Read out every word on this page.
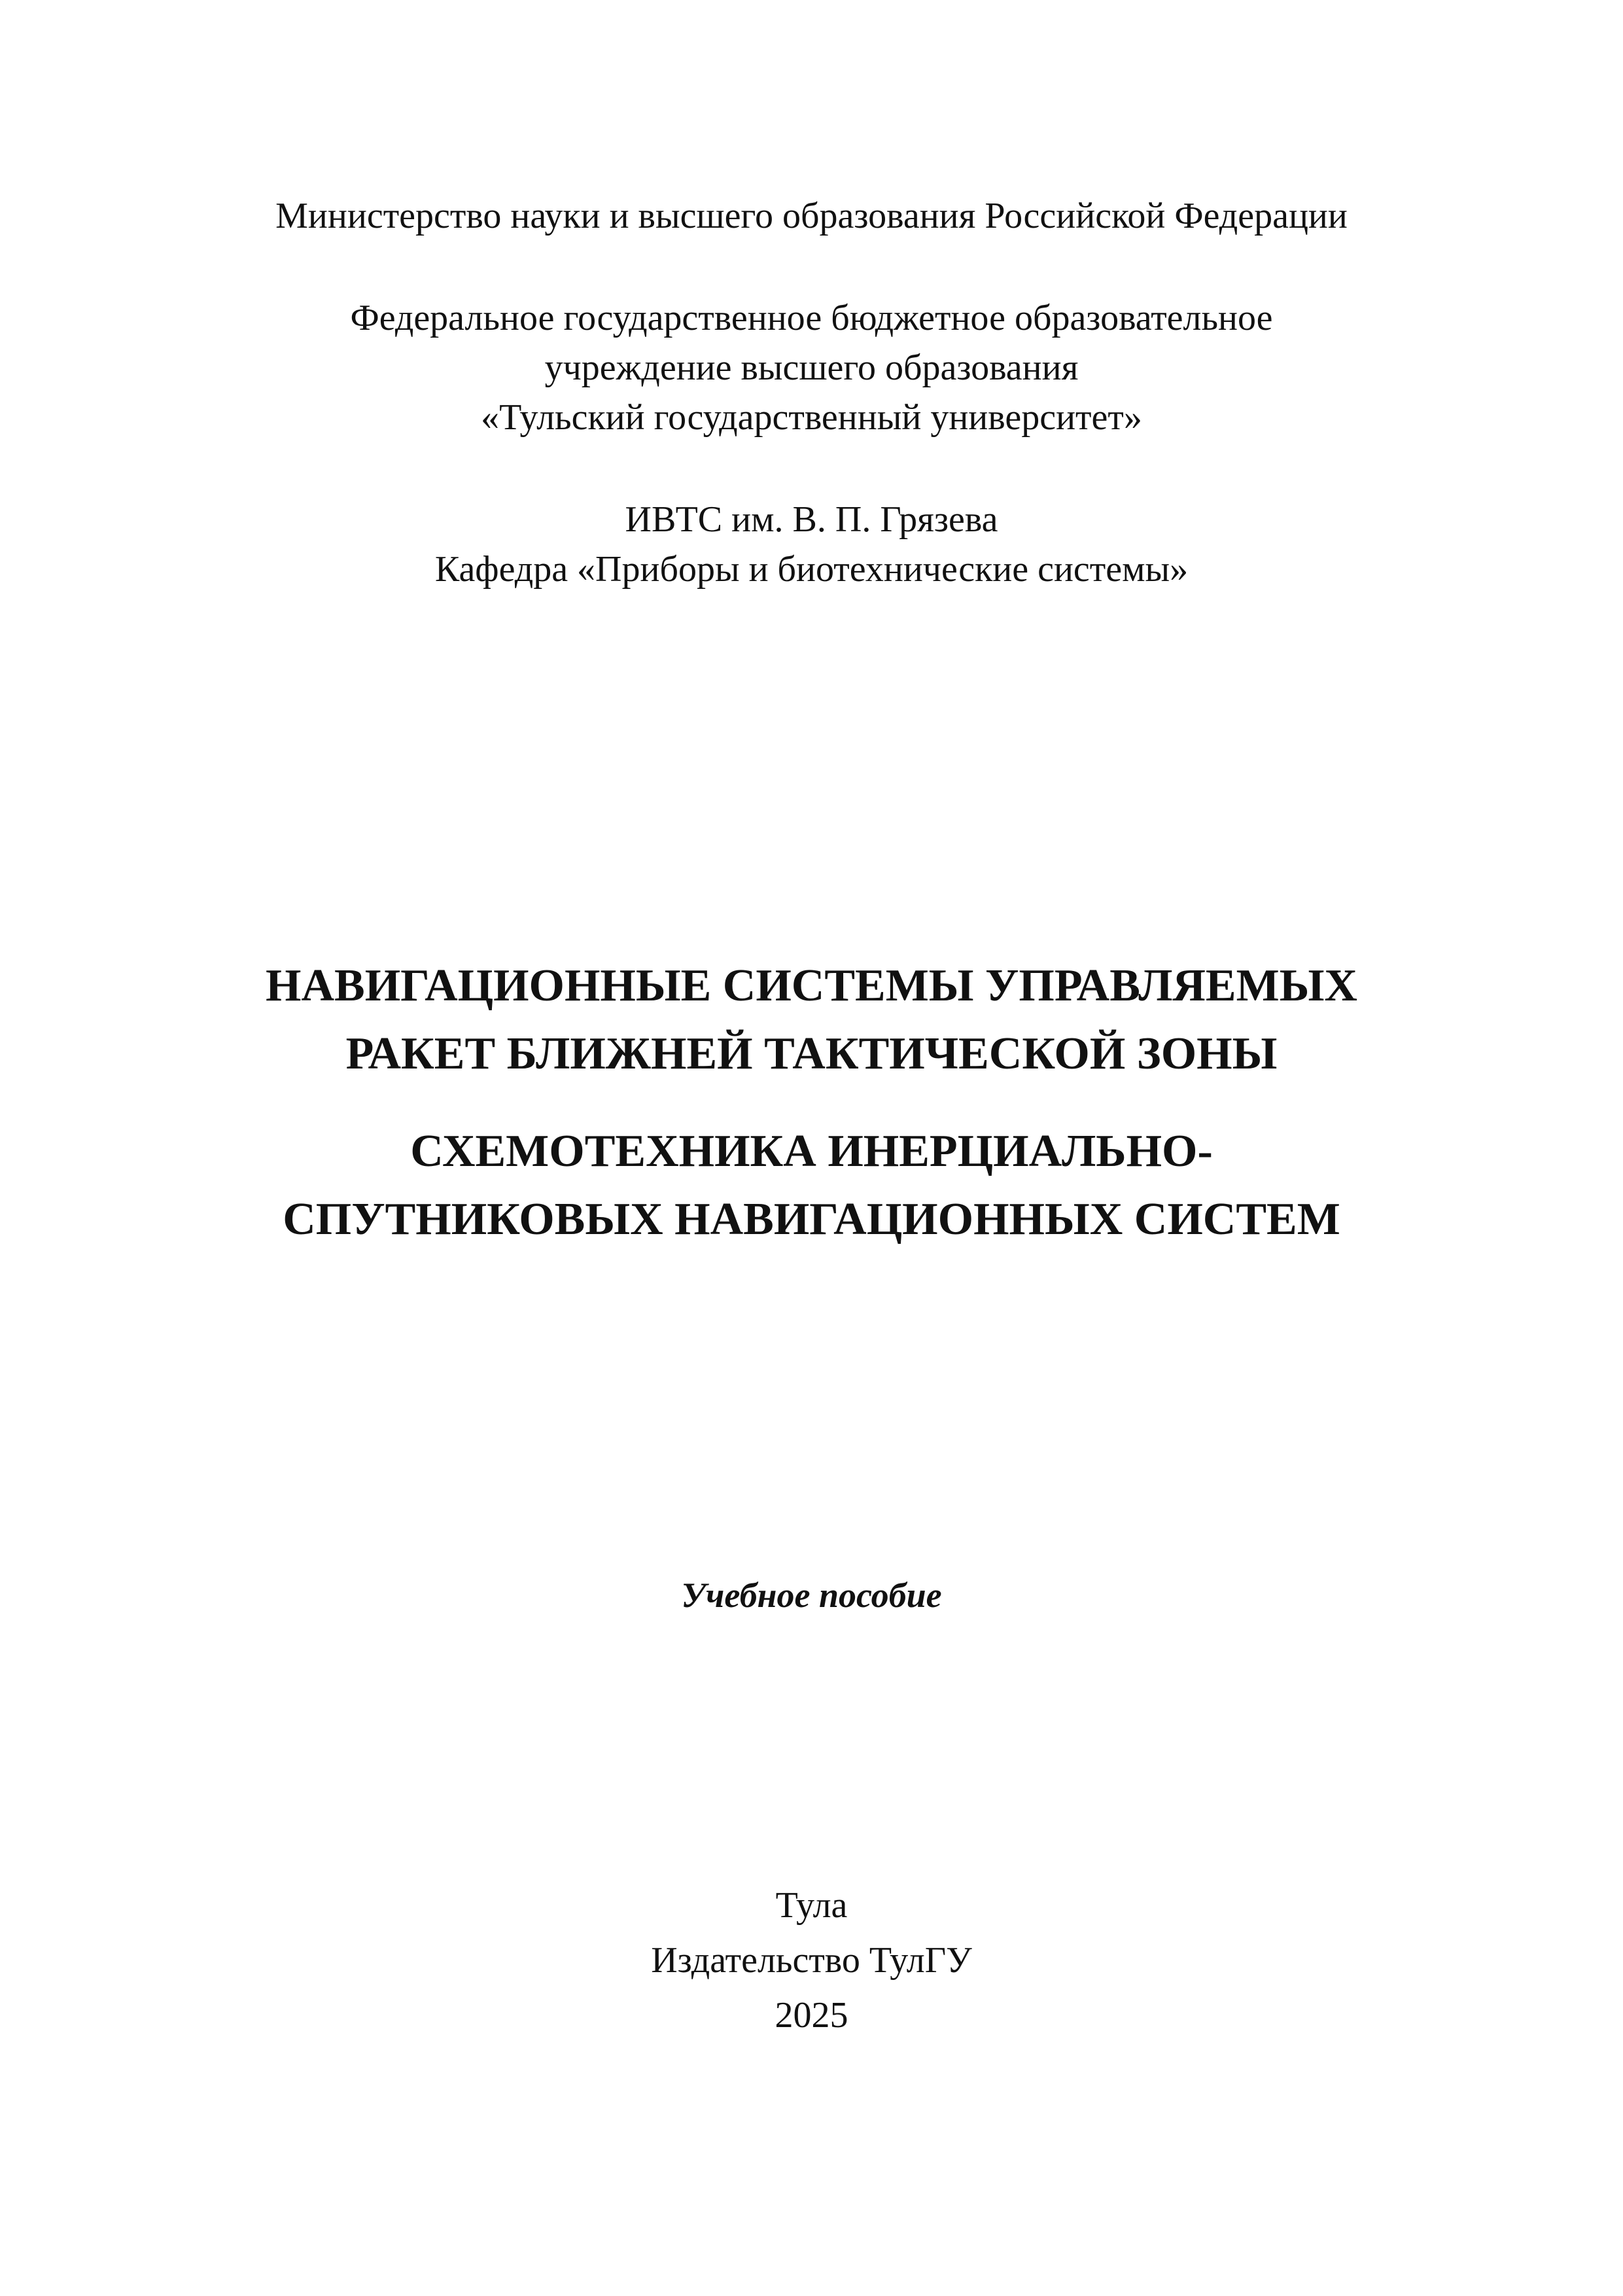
Министерство науки и высшего образования Российской Федерации
Федеральное государственное бюджетное образовательное
учреждение высшего образования
«Тульский государственный университет»
ИВТС им. В. П. Грязева
Кафедра «Приборы и биотехнические системы»
НАВИГАЦИОННЫЕ СИСТЕМЫ УПРАВЛЯЕМЫХ
РАКЕТ БЛИЖНЕЙ ТАКТИЧЕСКОЙ ЗОНЫ
СХЕМОТЕХНИКА ИНЕРЦИАЛЬНО-
СПУТНИКОВЫХ НАВИГАЦИОННЫХ СИСТЕМ
Учебное пособие
Тула
Издательство ТулГУ
2025
